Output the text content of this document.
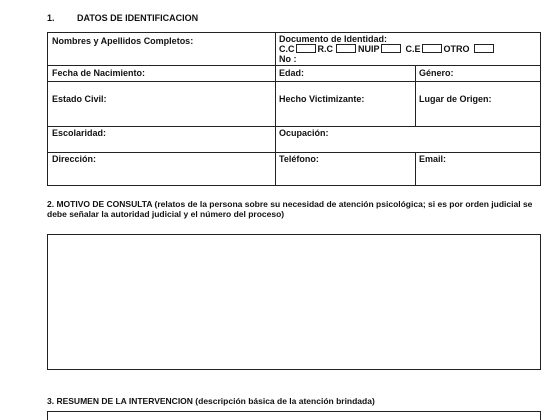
1. DATOS DE IDENTIFICACION
Nombres y Apellidos Completos:	Documento de Identidad:
C.C	R.C	NUIP	C.E	OTRO
No :
Fecha de Nacimiento:	Edad:	Género:
Estado Civil:	Hecho Victimizante:	Lugar de Origen:
Escolaridad:	Ocupación:
Dirección:	Teléfono:	Email:
2. MOTIVO DE CONSULTA (relatos de la persona sobre su necesidad de atención psicológica; si es por orden judicial se debe señalar la autoridad judicial y el número del proceso)
3. RESUMEN DE LA INTERVENCION (descripción básica de la atención brindada)
